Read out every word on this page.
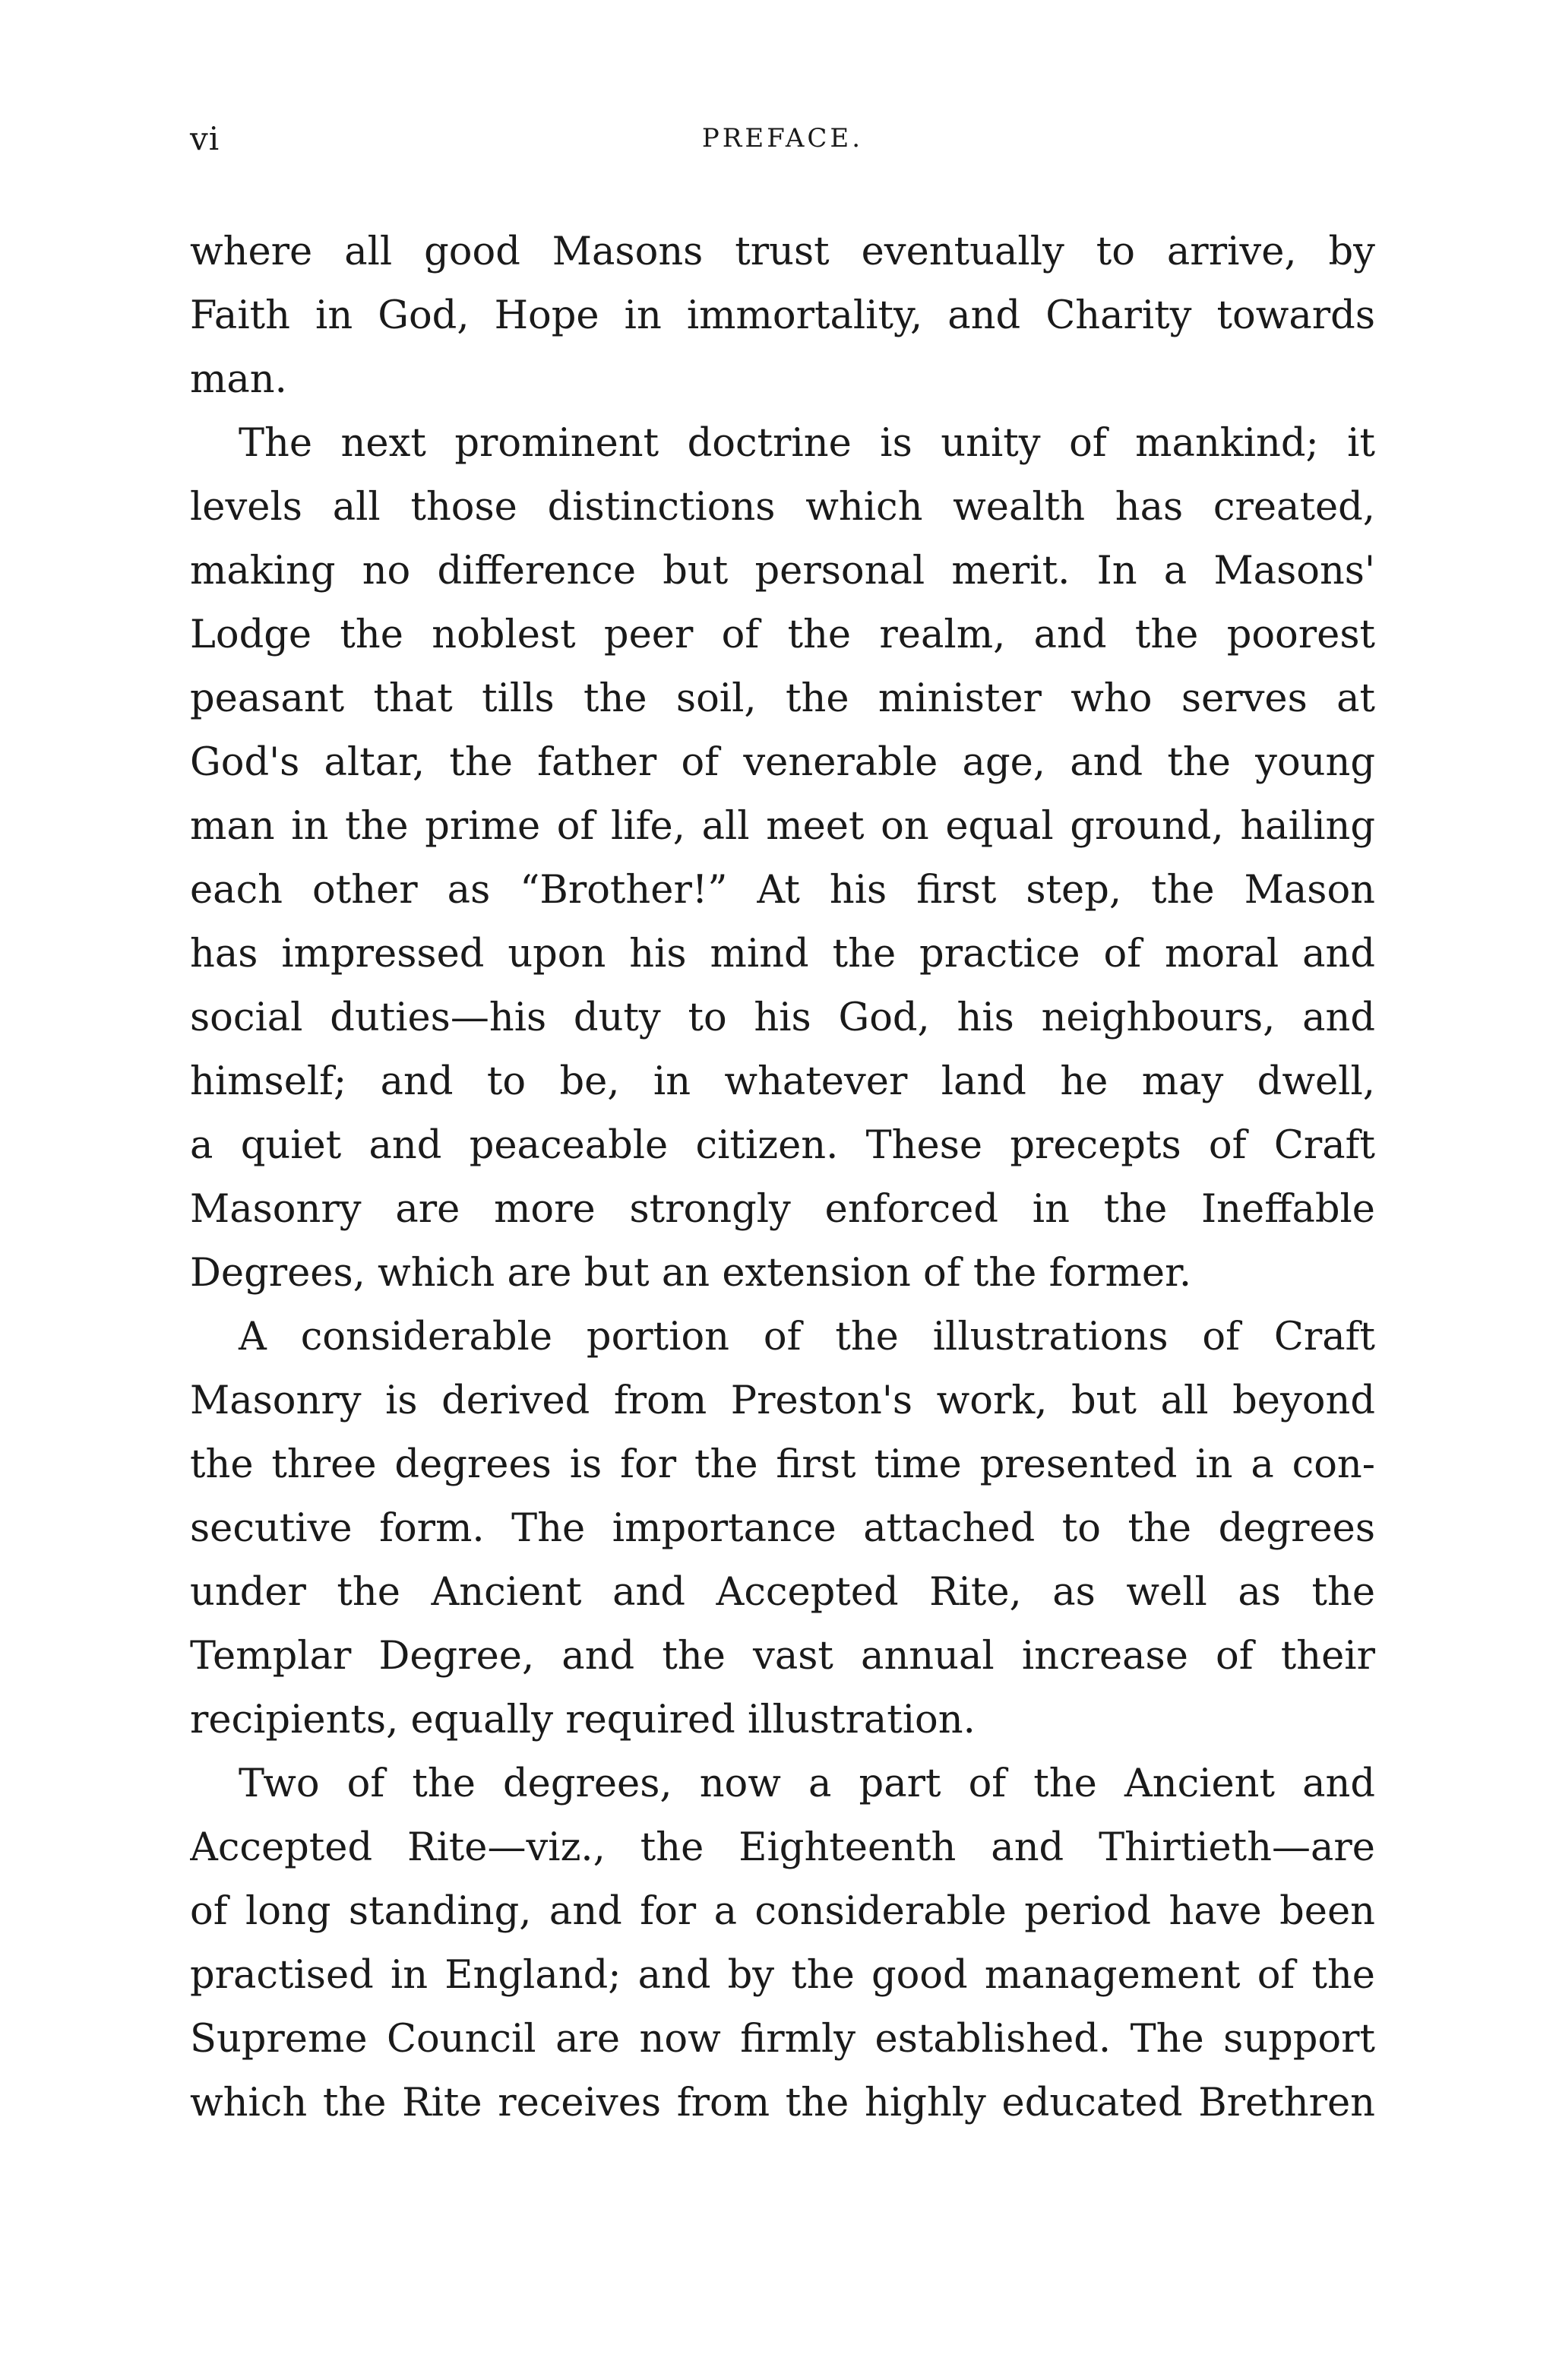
vi	PREFACE.
where all good Masons trust eventually to arrive, by
Faith in God, Hope in immortality, and Charity towards
man.
The next prominent doctrine is unity of mankind; it
levels all those distinctions which wealth has created,
making no difference but personal merit. In a Masons'
Lodge the noblest peer of the realm, and the poorest
peasant that tills the soil, the minister who serves at
God's altar, the father of venerable age, and the young
man in the prime of life, all meet on equal ground, hailing
each other as “Brother!” At his first step, the Mason
has impressed upon his mind the practice of moral and
social duties—his duty to his God, his neighbours, and
himself; and to be, in whatever land he may dwell,
a quiet and peaceable citizen. These precepts of Craft
Masonry are more strongly enforced in the Ineffable
Degrees, which are but an extension of the former.
A considerable portion of the illustrations of Craft
Masonry is derived from Preston's work, but all beyond
the three degrees is for the first time presented in a con-
secutive form. The importance attached to the degrees
under the Ancient and Accepted Rite, as well as the
Templar Degree, and the vast annual increase of their
recipients, equally required illustration.
Two of the degrees, now a part of the Ancient and
Accepted Rite—viz., the Eighteenth and Thirtieth—are
of long standing, and for a considerable period have been
practised in England; and by the good management of the
Supreme Council are now firmly established. The support
which the Rite receives from the highly educated Brethren
